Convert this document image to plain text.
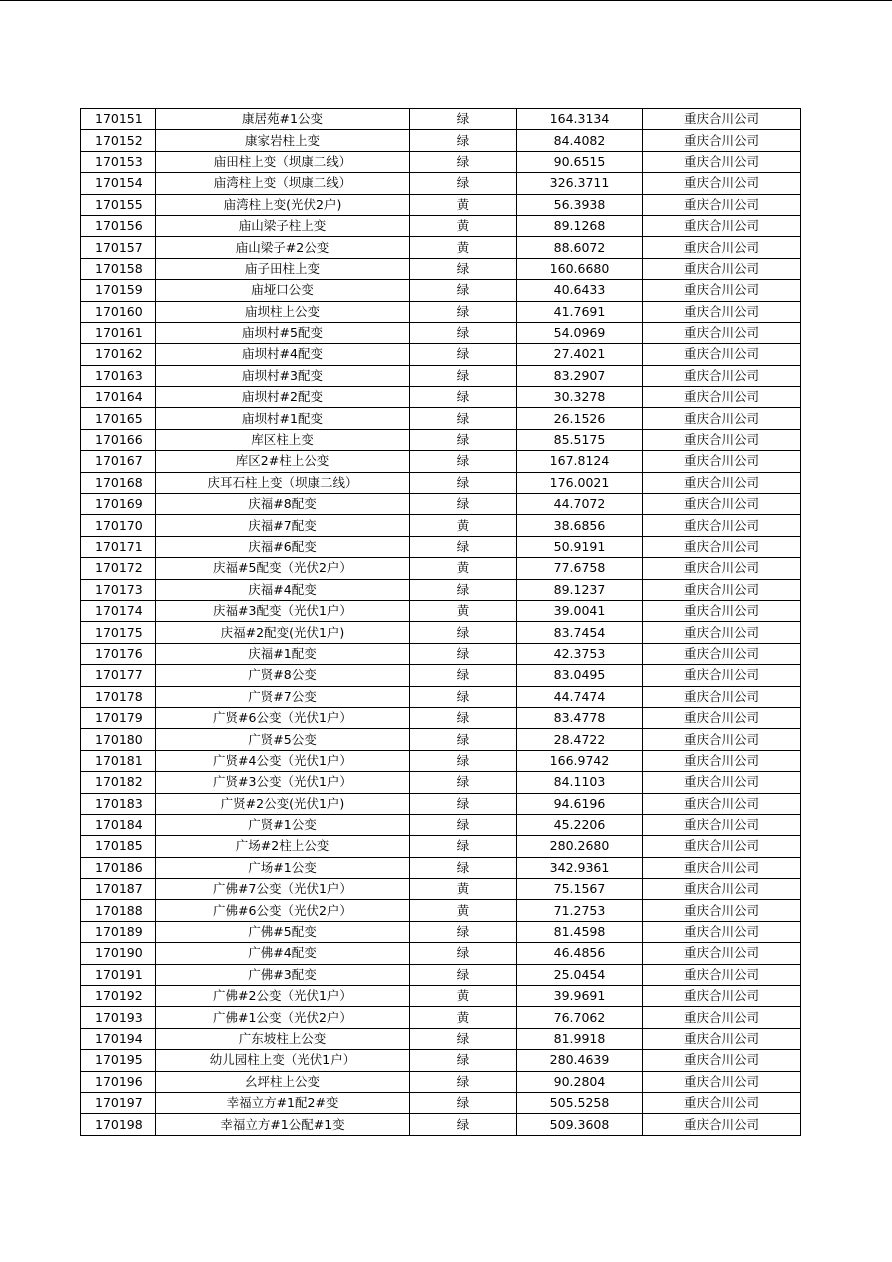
170151	康居苑#1公变	绿	164.3134	重庆合川公司
170152	康家岩柱上变	绿	84.4082	重庆合川公司
170153	庙田柱上变（坝康二线）	绿	90.6515	重庆合川公司
170154	庙湾柱上变（坝康二线）	绿	326.3711	重庆合川公司
170155	庙湾柱上变(光伏2户)	黄	56.3938	重庆合川公司
170156	庙山梁子柱上变	黄	89.1268	重庆合川公司
170157	庙山梁子#2公变	黄	88.6072	重庆合川公司
170158	庙子田柱上变	绿	160.6680	重庆合川公司
170159	庙垭口公变	绿	40.6433	重庆合川公司
170160	庙坝柱上公变	绿	41.7691	重庆合川公司
170161	庙坝村#5配变	绿	54.0969	重庆合川公司
170162	庙坝村#4配变	绿	27.4021	重庆合川公司
170163	庙坝村#3配变	绿	83.2907	重庆合川公司
170164	庙坝村#2配变	绿	30.3278	重庆合川公司
170165	庙坝村#1配变	绿	26.1526	重庆合川公司
170166	库区柱上变	绿	85.5175	重庆合川公司
170167	库区2#柱上公变	绿	167.8124	重庆合川公司
170168	庆耳石柱上变（坝康二线）	绿	176.0021	重庆合川公司
170169	庆福#8配变	绿	44.7072	重庆合川公司
170170	庆福#7配变	黄	38.6856	重庆合川公司
170171	庆福#6配变	绿	50.9191	重庆合川公司
170172	庆福#5配变（光伏2户）	黄	77.6758	重庆合川公司
170173	庆福#4配变	绿	89.1237	重庆合川公司
170174	庆福#3配变（光伏1户）	黄	39.0041	重庆合川公司
170175	庆福#2配变(光伏1户)	绿	83.7454	重庆合川公司
170176	庆福#1配变	绿	42.3753	重庆合川公司
170177	广贤#8公变	绿	83.0495	重庆合川公司
170178	广贤#7公变	绿	44.7474	重庆合川公司
170179	广贤#6公变（光伏1户）	绿	83.4778	重庆合川公司
170180	广贤#5公变	绿	28.4722	重庆合川公司
170181	广贤#4公变（光伏1户）	绿	166.9742	重庆合川公司
170182	广贤#3公变（光伏1户）	绿	84.1103	重庆合川公司
170183	广贤#2公变(光伏1户)	绿	94.6196	重庆合川公司
170184	广贤#1公变	绿	45.2206	重庆合川公司
170185	广场#2柱上公变	绿	280.2680	重庆合川公司
170186	广场#1公变	绿	342.9361	重庆合川公司
170187	广佛#7公变（光伏1户）	黄	75.1567	重庆合川公司
170188	广佛#6公变（光伏2户）	黄	71.2753	重庆合川公司
170189	广佛#5配变	绿	81.4598	重庆合川公司
170190	广佛#4配变	绿	46.4856	重庆合川公司
170191	广佛#3配变	绿	25.0454	重庆合川公司
170192	广佛#2公变（光伏1户）	黄	39.9691	重庆合川公司
170193	广佛#1公变（光伏2户）	黄	76.7062	重庆合川公司
170194	广东坡柱上公变	绿	81.9918	重庆合川公司
170195	幼儿园柱上变（光伏1户）	绿	280.4639	重庆合川公司
170196	幺坪柱上公变	绿	90.2804	重庆合川公司
170197	幸福立方#1配2#变	绿	505.5258	重庆合川公司
170198	幸福立方#1公配#1变	绿	509.3608	重庆合川公司
